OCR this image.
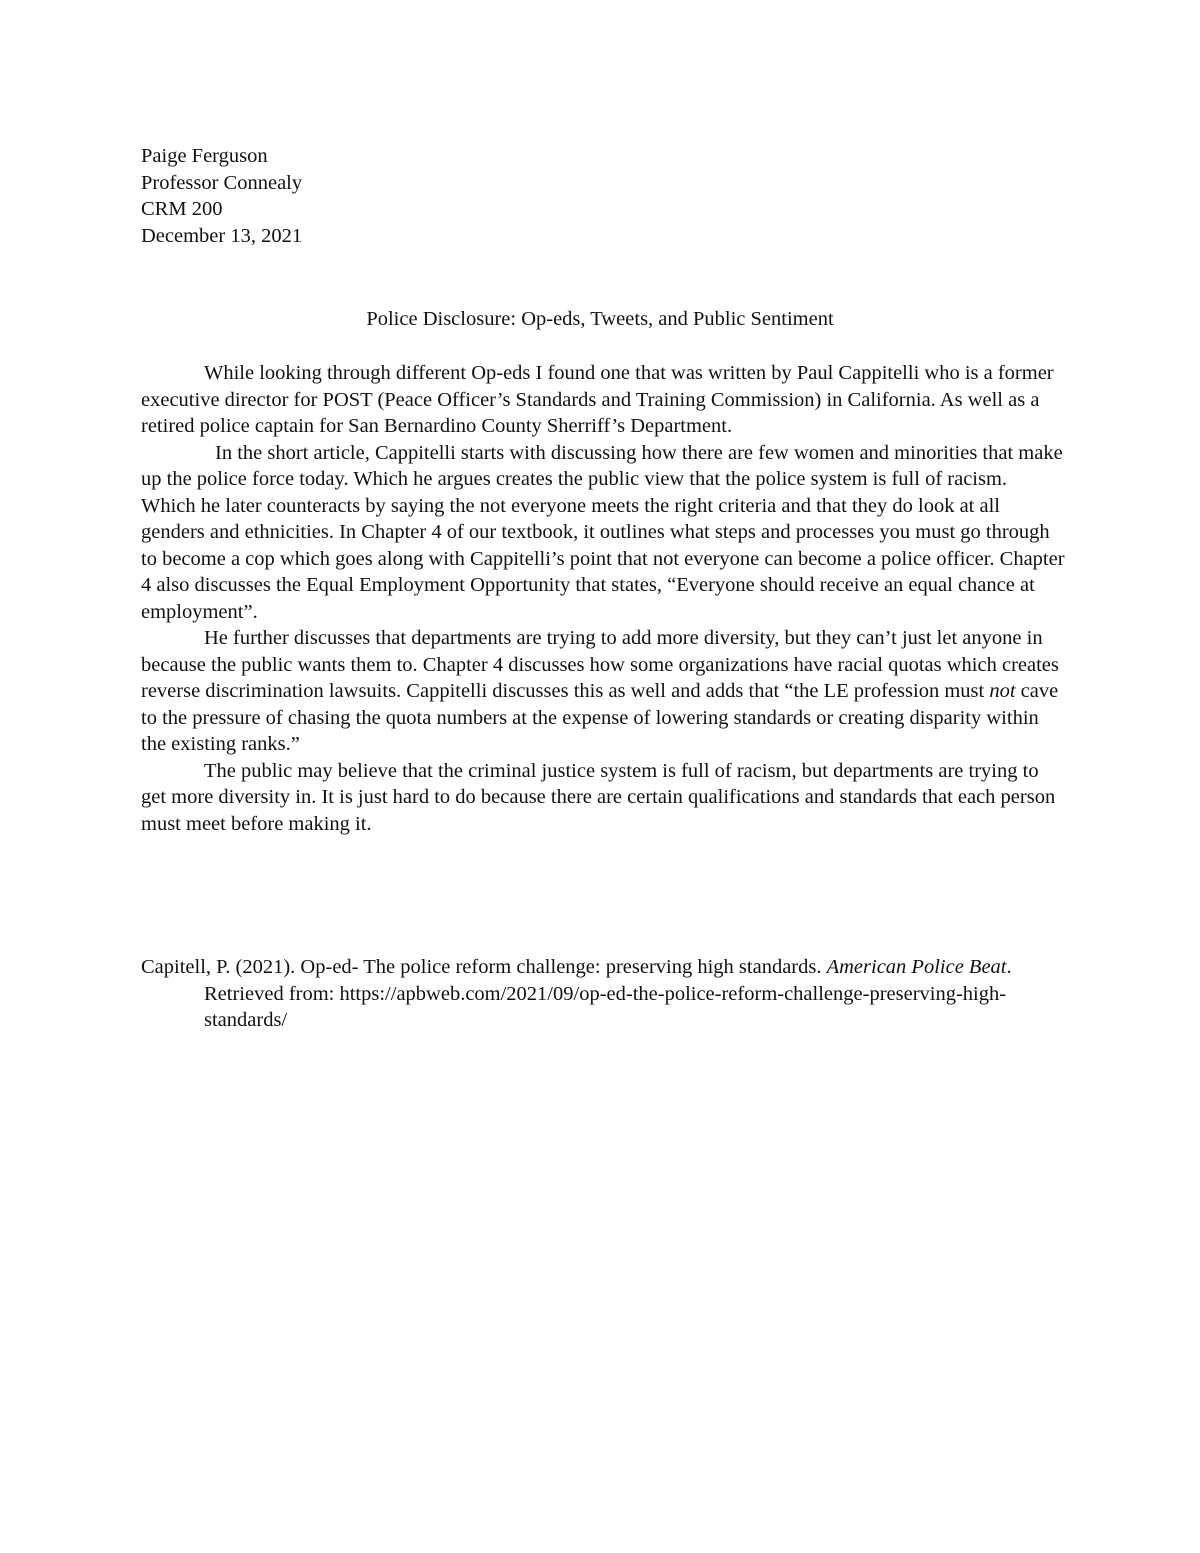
Paige Ferguson
Professor Connealy
CRM 200
December 13, 2021
Police Disclosure: Op-eds, Tweets, and Public Sentiment

While looking through different Op-eds I found one that was written by Paul Cappitelli who is a former executive director for POST (Peace Officer’s Standards and Training Commission) in California. As well as a retired police captain for San Bernardino County Sherriff’s Department.

In the short article, Cappitelli starts with discussing how there are few women and minorities that make up the police force today. Which he argues creates the public view that the police system is full of racism. Which he later counteracts by saying the not everyone meets the right criteria and that they do look at all genders and ethnicities. In Chapter 4 of our textbook, it outlines what steps and processes you must go through to become a cop which goes along with Cappitelli’s point that not everyone can become a police officer. Chapter 4 also discusses the Equal Employment Opportunity that states, “Everyone should receive an equal chance at employment”.

He further discusses that departments are trying to add more diversity, but they can’t just let anyone in because the public wants them to. Chapter 4 discusses how some organizations have racial quotas which creates reverse discrimination lawsuits. Cappitelli discusses this as well and adds that “the LE profession must not cave to the pressure of chasing the quota numbers at the expense of lowering standards or creating disparity within the existing ranks.”

The public may believe that the criminal justice system is full of racism, but departments are trying to get more diversity in. It is just hard to do because there are certain qualifications and standards that each person must meet before making it.

Capitell, P. (2021). Op-ed- The police reform challenge: preserving high standards. American Police Beat. Retrieved from: https://apbweb.com/2021/09/op-ed-the-police-reform-challenge-preserving-high-standards/
